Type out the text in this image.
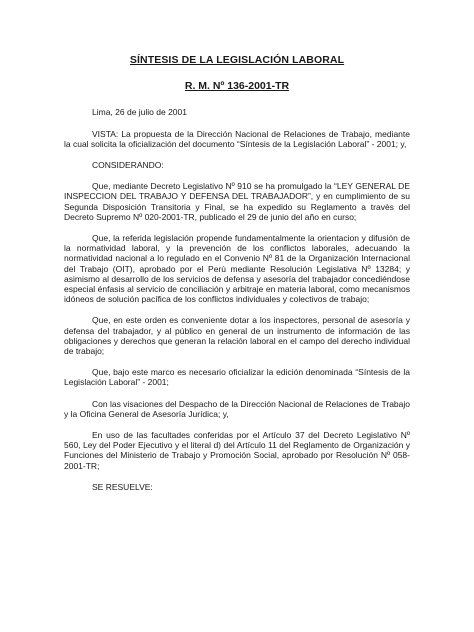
SÍNTESIS DE LA LEGISLACIÓN LABORAL

R. M. Nº 136-2001-TR

Lima, 26 de julio de 2001

VISTA: La propuesta de la Dirección Nacional de Relaciones de Trabajo, mediante la cual solicita la oficialización del documento “Síntesis de la Legislación Laboral” - 2001; y,

CONSIDERANDO:

Que, mediante Decreto Legislativo Nº 910 se ha promulgado la “LEY GENERAL DE INSPECCION DEL TRABAJO Y DEFENSA DEL TRABAJADOR”, y en cumplimiento de su Segunda Disposición Transitoria y Final, se ha expedido su Reglamento a travès del Decreto Supremo Nº 020-2001-TR, publicado el 29 de junio del año en curso;

Que, la referida legislación propende fundamentalmente la orientacion y difusión de la normatividad laboral, y la prevención de los conflictos laborales, adecuando la normatividad nacional a lo regulado en el Convenio Nº 81 de la Organización Internacional del Trabajo (OIT), aprobado por el Perù mediante Resolución Legislativa Nº 13284; y asimismo al desarrollo de los servicios de defensa y asesoría del trabajador concediéndose especial énfasis al servicio de conciliación y arbitraje en materia laboral, como mecanismos idóneos de solución pacífica de los conflictos individuales y colectivos de trabajo;

Que, en este orden es conveniente dotar a los inspectores, personal de asesoría y defensa del trabajador, y al público en general de un instrumento de información de las obligaciones y derechos que generan la relación laboral en el campo del derecho individual de trabajo;

Que, bajo este marco es necesario oficializar la edición denominada “Síntesis de la Legislación Laboral” - 2001;

Con las visaciones del Despacho de la Dirección Nacional de Relaciones de Trabajo y la Oficina General de Asesoría Jurídica; y,

En uso de las facultades conferidas por el Artículo 37 del Decreto Legislativo Nº 560, Ley del Poder Ejecutivo y el literal d) del Artículo 11 del Reglamento de Organización y Funciones del Ministerio de Trabajo y Promoción Social, aprobado por Resolución Nº 058-2001-TR;

SE RESUELVE:
